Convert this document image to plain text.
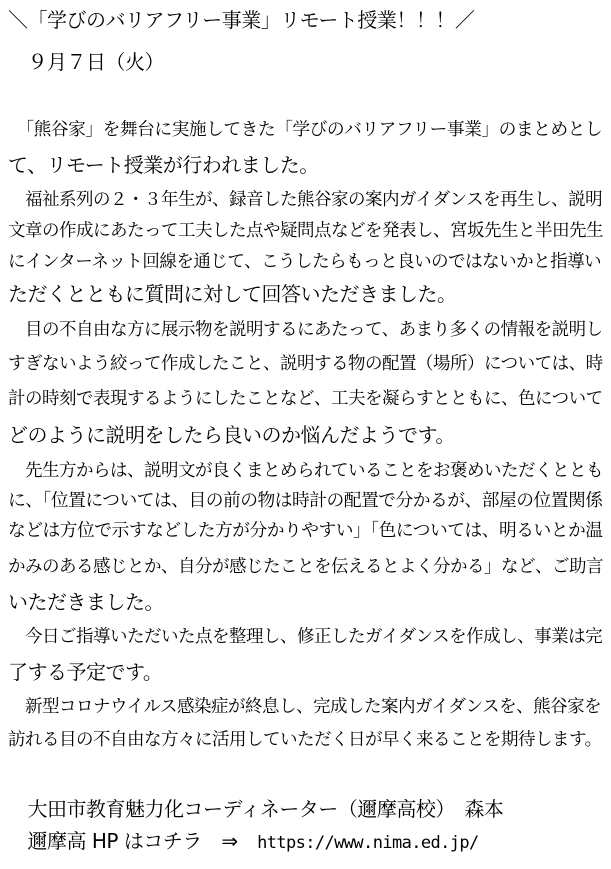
＼「学びのバリアフリー事業」リモート授業！！！／
　９月７日（火）
　「熊谷家」を舞台に実施してきた「学びのバリアフリー事業」のまとめとし
て、リモート授業が行われました。
　福祉系列の２・３年生が、録音した熊谷家の案内ガイダンスを再生し、説明
文章の作成にあたって工夫した点や疑問点などを発表し、宮坂先生と半田先生
にインターネット回線を通じて、こうしたらもっと良いのではないかと指導い
ただくとともに質問に対して回答いただきました。
　目の不自由な方に展示物を説明するにあたって、あまり多くの情報を説明し
すぎないよう絞って作成したこと、説明する物の配置（場所）については、時
計の時刻で表現するようにしたことなど、工夫を凝らすとともに、色について
どのように説明をしたら良いのか悩んだようです。
　先生方からは、説明文が良くまとめられていることをお褒めいただくととも
に、「位置については、目の前の物は時計の配置で分かるが、部屋の位置関係
などは方位で示すなどした方が分かりやすい」「色については、明るいとか温
かみのある感じとか、自分が感じたことを伝えるとよく分かる」など、ご助言
いただきました。
　今日ご指導いただいた点を整理し、修正したガイダンスを作成し、事業は完
了する予定です。
　新型コロナウイルス感染症が終息し、完成した案内ガイダンスを、熊谷家を
訪れる目の不自由な方々に活用していただく日が早く来ることを期待します。
　大田市教育魅力化コーディネーター（邇摩高校）　森本
　邇摩高 HP はコチラ　⇒　https://www.nima.ed.jp/
